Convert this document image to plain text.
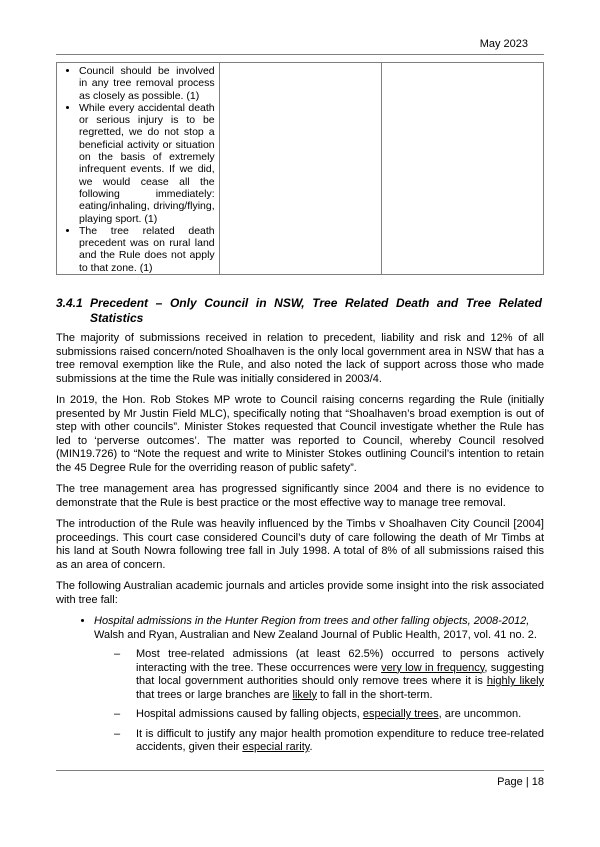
May 2023
• Council should be involved in any tree removal process as closely as possible. (1)
• While every accidental death or serious injury is to be regretted, we do not stop a beneficial activity or situation on the basis of extremely infrequent events. If we did, we would cease all the following immediately: eating/inhaling, driving/flying, playing sport. (1)
• The tree related death precedent was on rural land and the Rule does not apply to that zone. (1)

3.4.1 Precedent – Only Council in NSW, Tree Related Death and Tree Related Statistics

The majority of submissions received in relation to precedent, liability and risk and 12% of all submissions raised concern/noted Shoalhaven is the only local government area in NSW that has a tree removal exemption like the Rule, and also noted the lack of support across those who made submissions at the time the Rule was initially considered in 2003/4.

In 2019, the Hon. Rob Stokes MP wrote to Council raising concerns regarding the Rule (initially presented by Mr Justin Field MLC), specifically noting that “Shoalhaven’s broad exemption is out of step with other councils”. Minister Stokes requested that Council investigate whether the Rule has led to ‘perverse outcomes’. The matter was reported to Council, whereby Council resolved (MIN19.726) to “Note the request and write to Minister Stokes outlining Council’s intention to retain the 45 Degree Rule for the overriding reason of public safety”.

The tree management area has progressed significantly since 2004 and there is no evidence to demonstrate that the Rule is best practice or the most effective way to manage tree removal.

The introduction of the Rule was heavily influenced by the Timbs v Shoalhaven City Council [2004] proceedings. This court case considered Council’s duty of care following the death of Mr Timbs at his land at South Nowra following tree fall in July 1998. A total of 8% of all submissions raised this as an area of concern.

The following Australian academic journals and articles provide some insight into the risk associated with tree fall:

• Hospital admissions in the Hunter Region from trees and other falling objects, 2008-2012, Walsh and Ryan, Australian and New Zealand Journal of Public Health, 2017, vol. 41 no. 2.
– Most tree-related admissions (at least 62.5%) occurred to persons actively interacting with the tree. These occurrences were very low in frequency, suggesting that local government authorities should only remove trees where it is highly likely that trees or large branches are likely to fall in the short-term.
– Hospital admissions caused by falling objects, especially trees, are uncommon.
– It is difficult to justify any major health promotion expenditure to reduce tree-related accidents, given their especial rarity.
Page | 18
